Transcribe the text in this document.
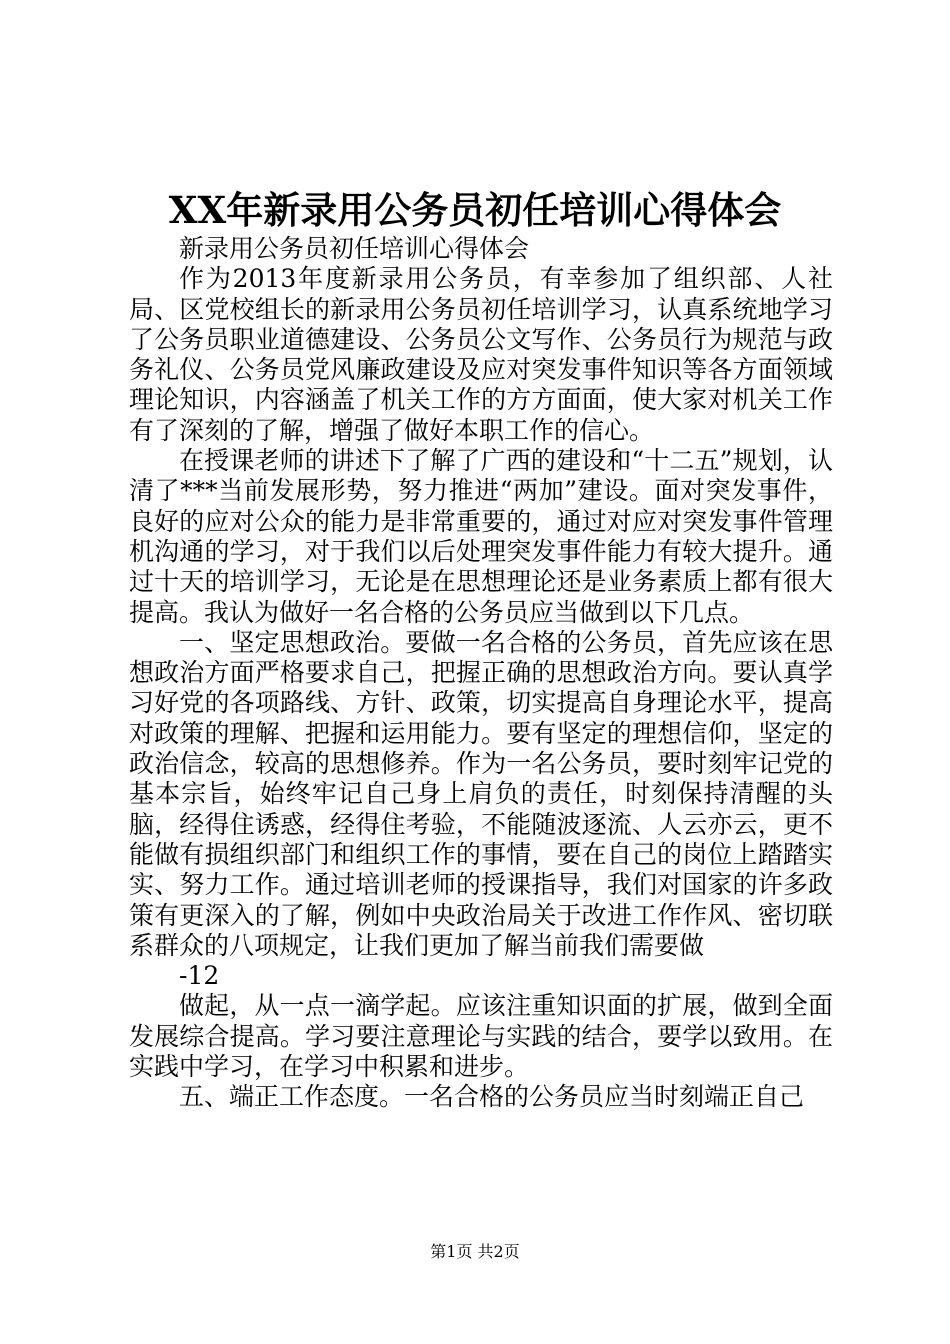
XX年新录用公务员初任培训心得体会

新录用公务员初任培训心得体会

作为2013年度新录用公务员，有幸参加了组织部、人社局、区党校组长的新录用公务员初任培训学习，认真系统地学习了公务员职业道德建设、公务员公文写作、公务员行为规范与政务礼仪、公务员党风廉政建设及应对突发事件知识等各方面领域理论知识，内容涵盖了机关工作的方方面面，使大家对机关工作有了深刻的了解，增强了做好本职工作的信心。

在授课老师的讲述下了解了广西的建设和“十二五”规划，认清了***当前发展形势，努力推进“两加”建设。面对突发事件，良好的应对公众的能力是非常重要的，通过对应对突发事件管理机沟通的学习，对于我们以后处理突发事件能力有较大提升。通过十天的培训学习，无论是在思想理论还是业务素质上都有很大提高。我认为做好一名合格的公务员应当做到以下几点。

一、坚定思想政治。要做一名合格的公务员，首先应该在思想政治方面严格要求自己，把握正确的思想政治方向。要认真学习好党的各项路线、方针、政策，切实提高自身理论水平，提高对政策的理解、把握和运用能力。要有坚定的理想信仰，坚定的政治信念，较高的思想修养。作为一名公务员，要时刻牢记党的基本宗旨，始终牢记自己身上肩负的责任，时刻保持清醒的头脑，经得住诱惑，经得住考验，不能随波逐流、人云亦云，更不能做有损组织部门和组织工作的事情，要在自己的岗位上踏踏实实、努力工作。通过培训老师的授课指导，我们对国家的许多政策有更深入的了解，例如中央政治局关于改进工作作风、密切联系群众的八项规定，让我们更加了解当前我们需要做

-12

做起，从一点一滴学起。应该注重知识面的扩展，做到全面发展综合提高。学习要注意理论与实践的结合，要学以致用。在实践中学习，在学习中积累和进步。

五、端正工作态度。一名合格的公务员应当时刻端正自己

第1页 共2页
